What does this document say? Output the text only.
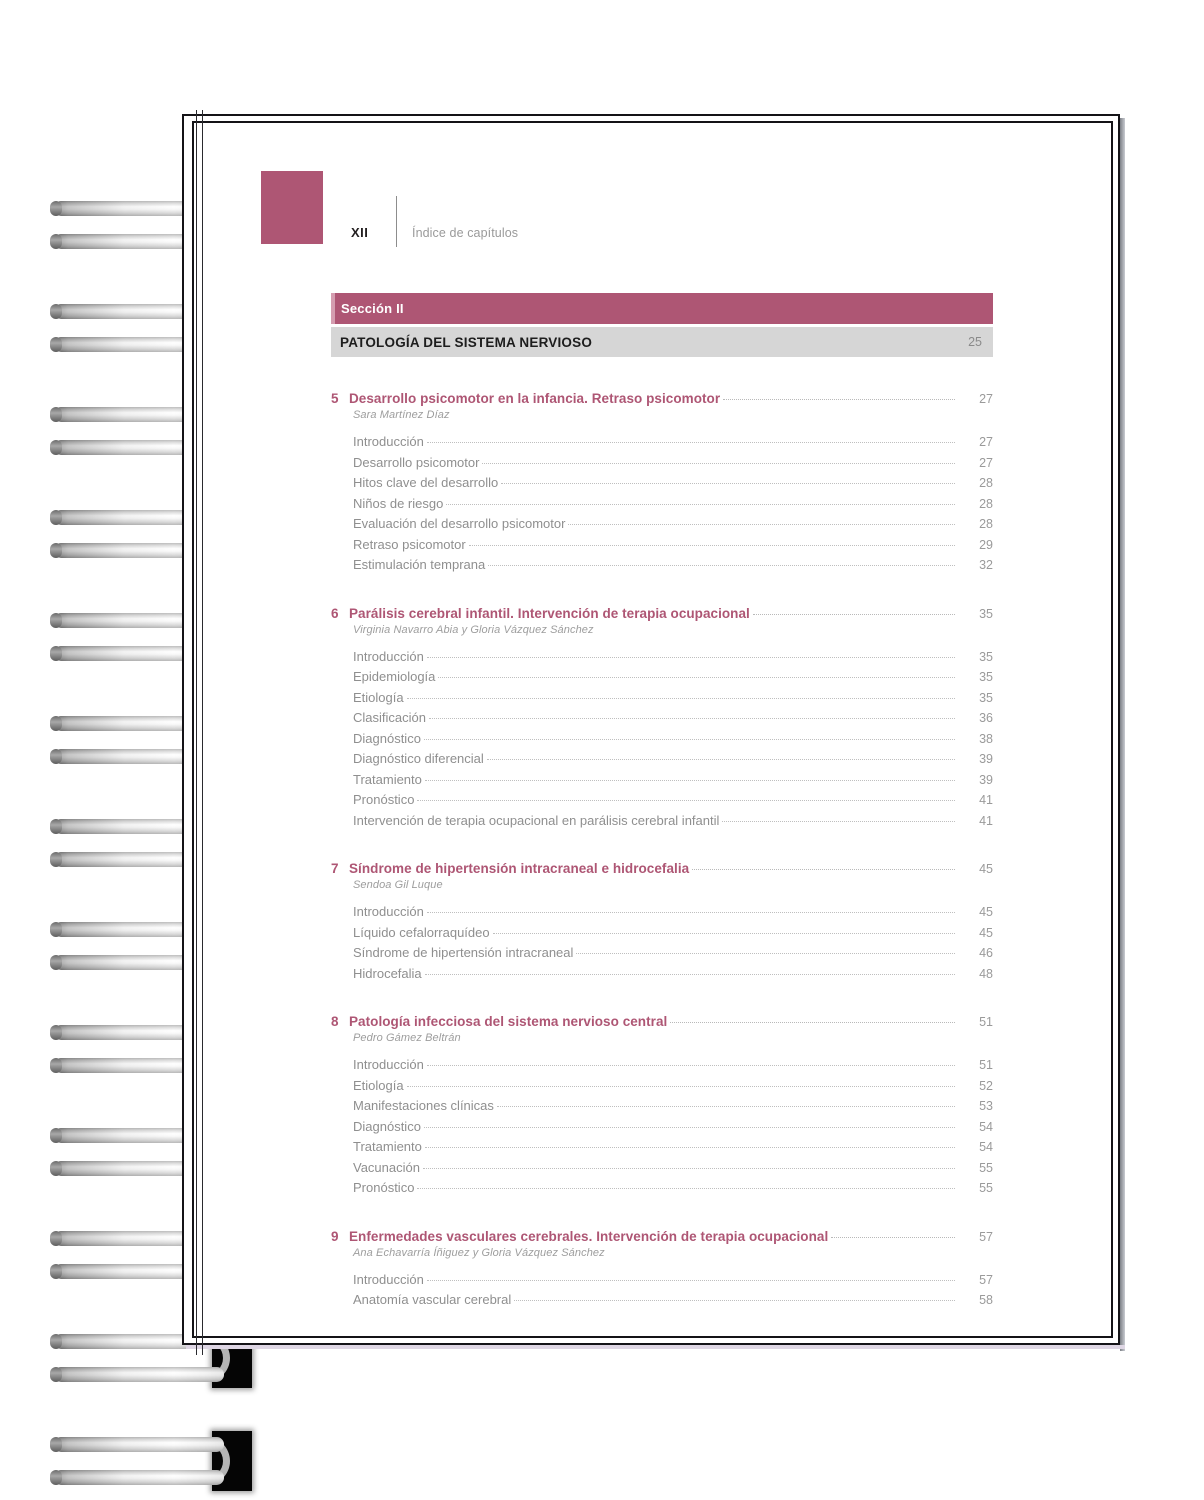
XII	Índice de capítulos
Sección II
PATOLOGÍA DEL SISTEMA NERVIOSO	25
5 Desarrollo psicomotor en la infancia. Retraso psicomotor	27
Sara Martínez Díaz
Introducción	27
Desarrollo psicomotor	27
Hitos clave del desarrollo	28
Niños de riesgo	28
Evaluación del desarrollo psicomotor	28
Retraso psicomotor	29
Estimulación temprana	32
6 Parálisis cerebral infantil. Intervención de terapia ocupacional	35
Virginia Navarro Abia y Gloria Vázquez Sánchez
Introducción	35
Epidemiología	35
Etiología	35
Clasificación	36
Diagnóstico	38
Diagnóstico diferencial	39
Tratamiento	39
Pronóstico	41
Intervención de terapia ocupacional en parálisis cerebral infantil	41
7 Síndrome de hipertensión intracraneal e hidrocefalia	45
Sendoa Gil Luque
Introducción	45
Líquido cefalorraquídeo	45
Síndrome de hipertensión intracraneal	46
Hidrocefalia	48
8 Patología infecciosa del sistema nervioso central	51
Pedro Gámez Beltrán
Introducción	51
Etiología	52
Manifestaciones clínicas	53
Diagnóstico	54
Tratamiento	54
Vacunación	55
Pronóstico	55
9 Enfermedades vasculares cerebrales. Intervención de terapia ocupacional	57
Ana Echavarría Íñiguez y Gloria Vázquez Sánchez
Introducción	57
Anatomía vascular cerebral	58
